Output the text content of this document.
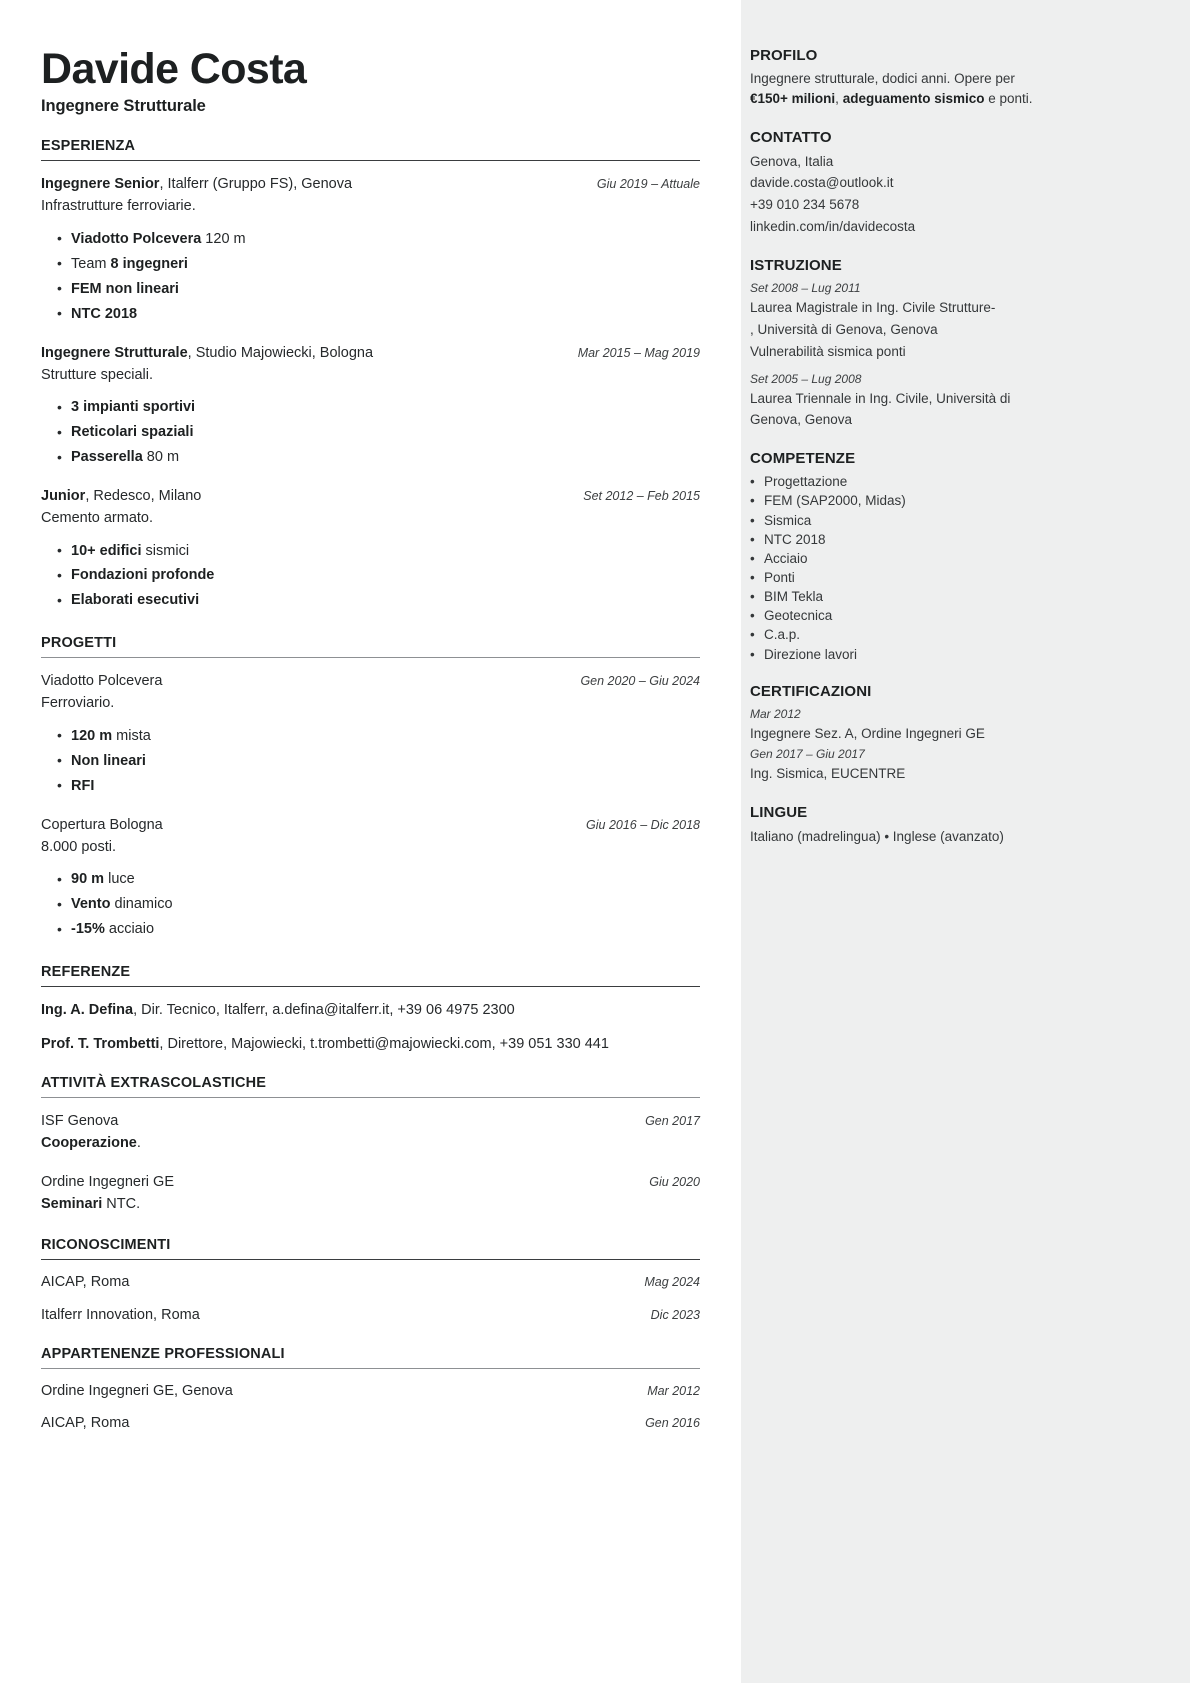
Davide Costa
Ingegnere Strutturale
ESPERIENZA
Ingegnere Senior, Italferr (Gruppo FS), Genova	Giu 2019 – Attuale
Infrastrutture ferroviarie.
• Viadotto Polcevera 120 m
• Team 8 ingegneri
• FEM non lineari
• NTC 2018
Ingegnere Strutturale, Studio Majowiecki, Bologna	Mar 2015 – Mag 2019
Strutture speciali.
• 3 impianti sportivi
• Reticolari spaziali
• Passerella 80 m
Junior, Redesco, Milano	Set 2012 – Feb 2015
Cemento armato.
• 10+ edifici sismici
• Fondazioni profonde
• Elaborati esecutivi
PROGETTI
Viadotto Polcevera	Gen 2020 – Giu 2024
Ferroviario.
• 120 m mista
• Non lineari
• RFI
Copertura Bologna	Giu 2016 – Dic 2018
8.000 posti.
• 90 m luce
• Vento dinamico
• -15% acciaio
REFERENZE
Ing. A. Defina, Dir. Tecnico, Italferr, a.defina@italferr.it, +39 06 4975 2300
Prof. T. Trombetti, Direttore, Majowiecki, t.trombetti@majowiecki.com, +39 051 330 441
ATTIVITÀ EXTRASCOLASTICHE
ISF Genova	Gen 2017
Cooperazione.
Ordine Ingegneri GE	Giu 2020
Seminari NTC.
RICONOSCIMENTI
AICAP, Roma	Mag 2024
Italferr Innovation, Roma	Dic 2023
APPARTENENZE PROFESSIONALI
Ordine Ingegneri GE, Genova	Mar 2012
AICAP, Roma	Gen 2016
PROFILO
Ingegnere strutturale, dodici anni. Opere per
€150+ milioni, adeguamento sismico e ponti.
CONTATTO
Genova, Italia
davide.costa@outlook.it
+39 010 234 5678
linkedin.com/in/davidecosta
ISTRUZIONE
Set 2008 – Lug 2011
Laurea Magistrale in Ing. Civile Strutture-
, Università di Genova, Genova
Vulnerabilità sismica ponti
Set 2005 – Lug 2008
Laurea Triennale in Ing. Civile, Università di
Genova, Genova
COMPETENZE
• Progettazione
• FEM (SAP2000, Midas)
• Sismica
• NTC 2018
• Acciaio
• Ponti
• BIM Tekla
• Geotecnica
• C.a.p.
• Direzione lavori
CERTIFICAZIONI
Mar 2012
Ingegnere Sez. A, Ordine Ingegneri GE
Gen 2017 – Giu 2017
Ing. Sismica, EUCENTRE
LINGUE
Italiano (madrelingua) • Inglese (avanzato)
